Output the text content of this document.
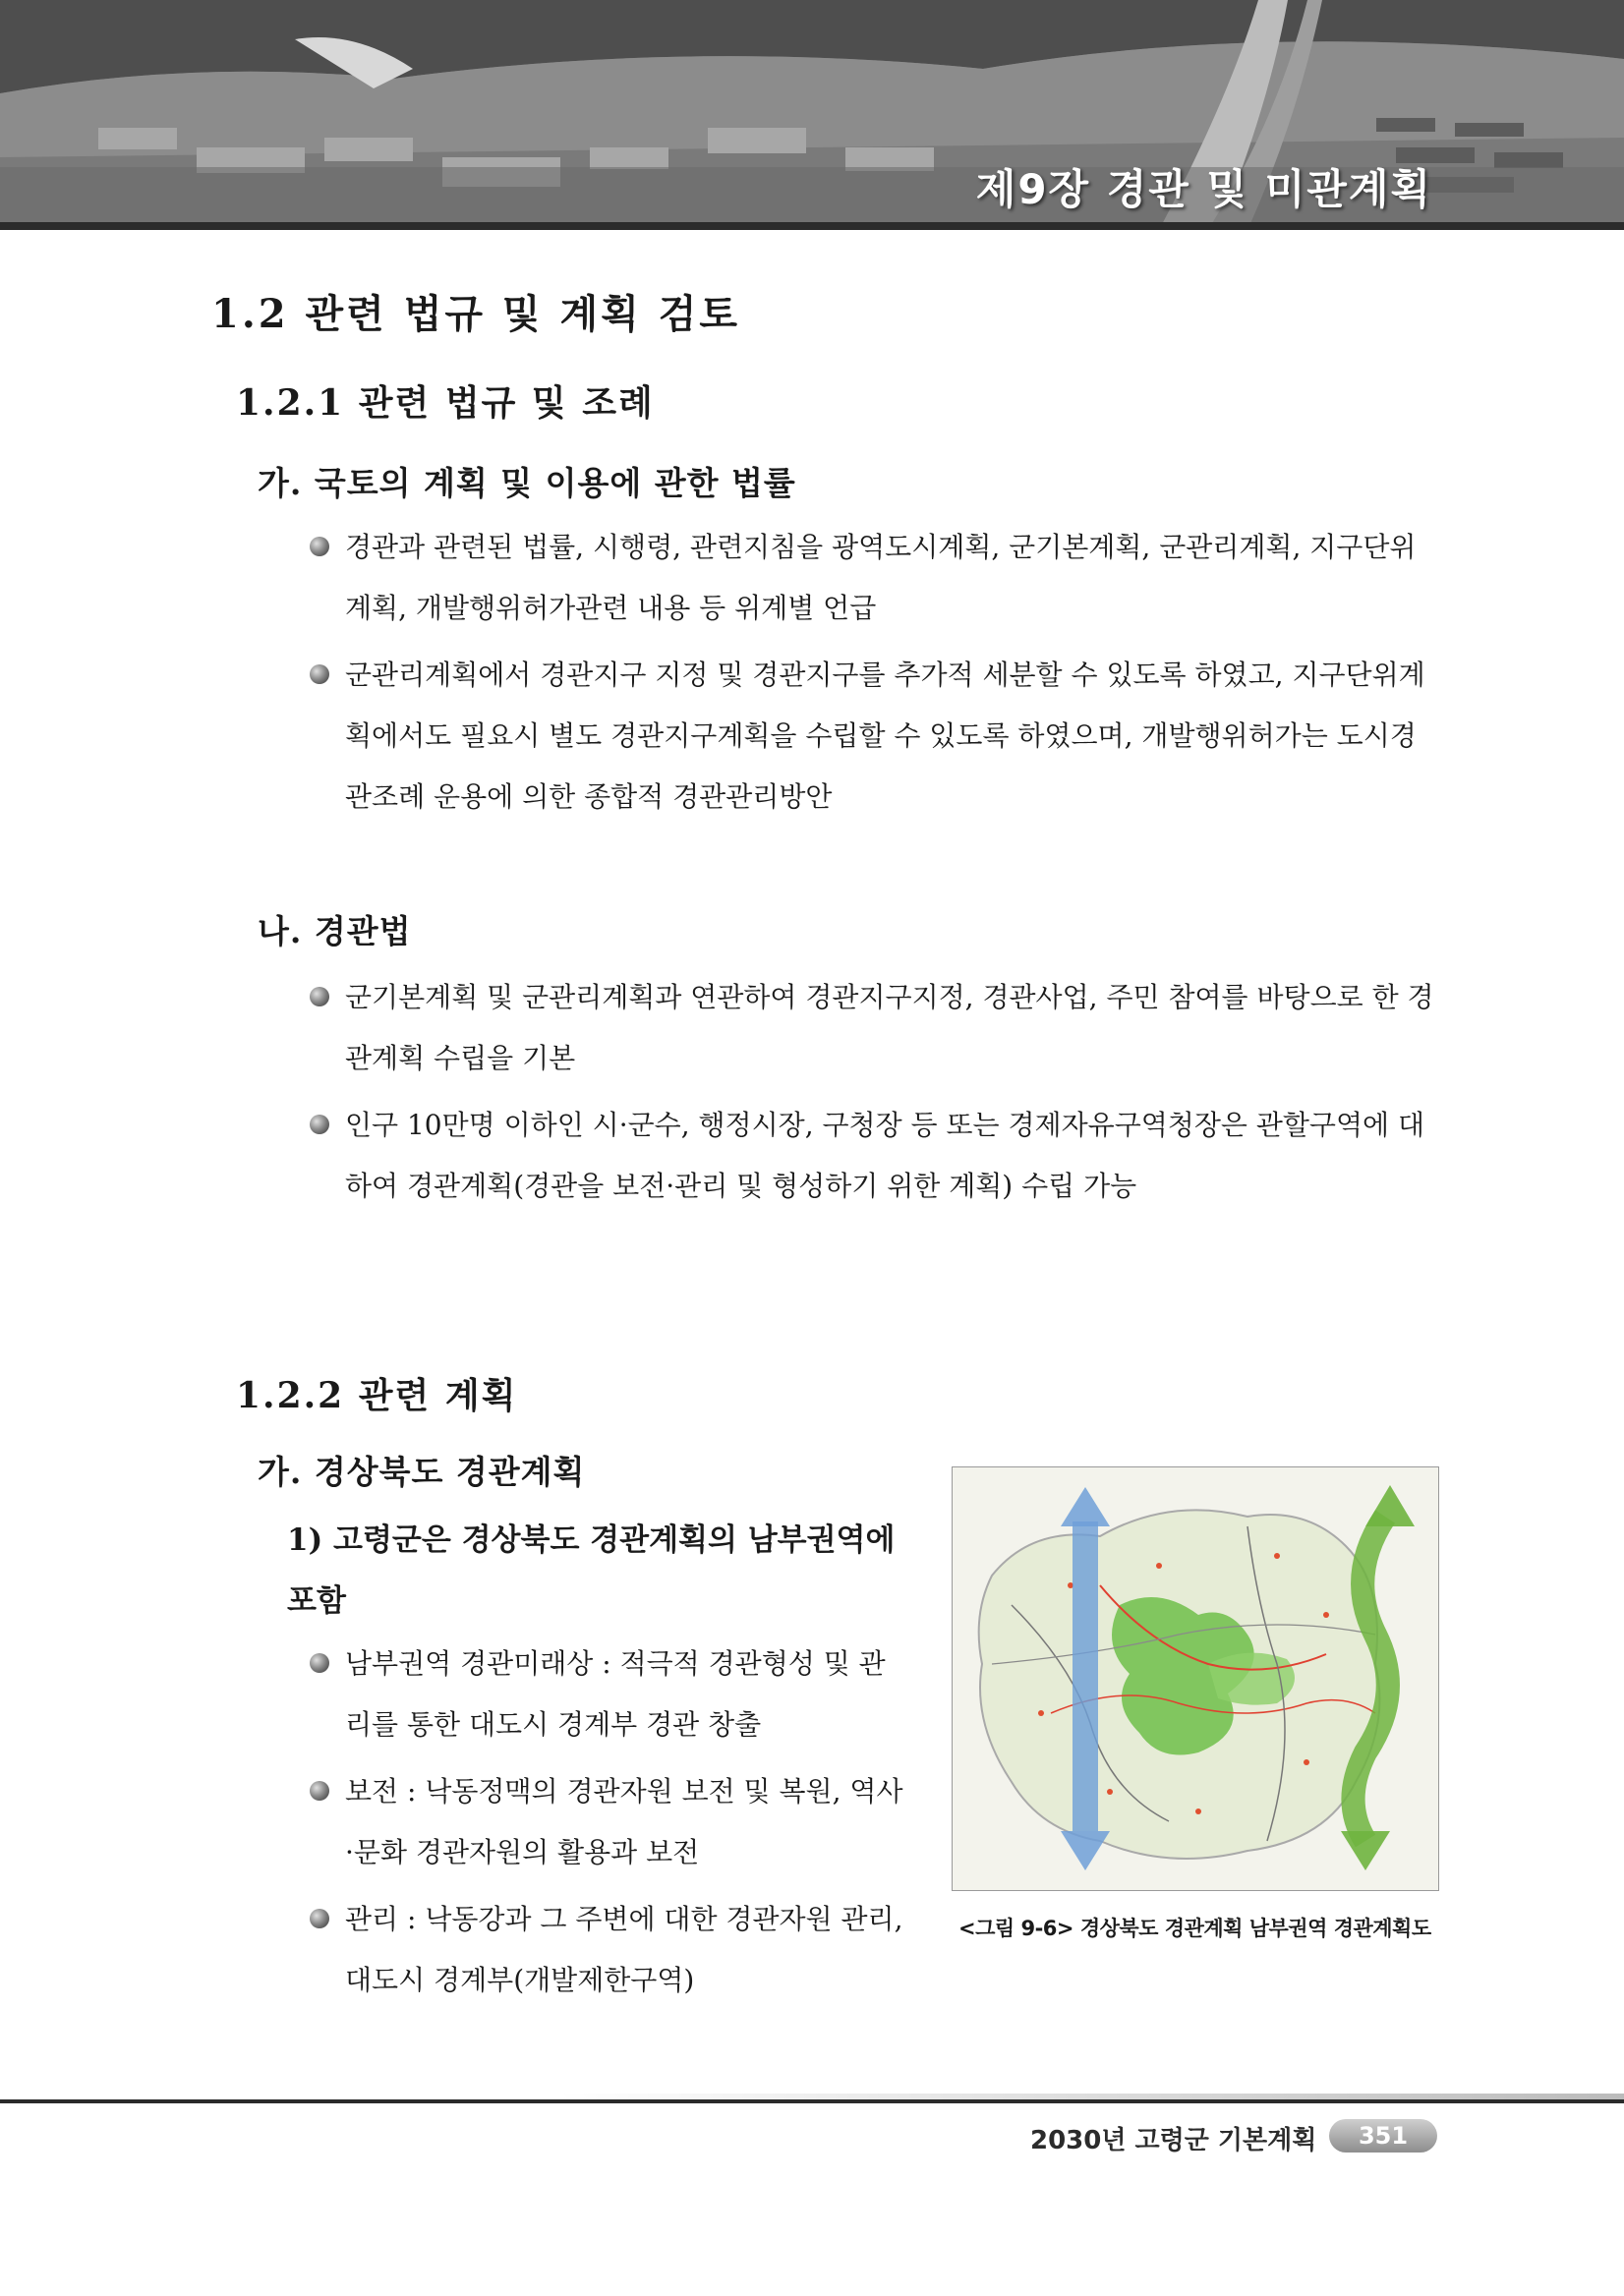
제9장 경관 및 미관계획
1.2 관련 법규 및 계획 검토
1.2.1 관련 법규 및 조례
가. 국토의 계획 및 이용에 관한 법률
경관과 관련된 법률, 시행령, 관련지침을 광역도시계획, 군기본계획, 군관리계획, 지구단위계획, 개발행위허가관련 내용 등 위계별 언급
군관리계획에서 경관지구 지정 및 경관지구를 추가적 세분할 수 있도록 하였고, 지구단위계획에서도 필요시 별도 경관지구계획을 수립할 수 있도록 하였으며, 개발행위허가는 도시경관조례 운용에 의한 종합적 경관관리방안
나. 경관법
군기본계획 및 군관리계획과 연관하여 경관지구지정, 경관사업, 주민 참여를 바탕으로 한 경관계획 수립을 기본
인구 10만명 이하인 시·군수, 행정시장, 구청장 등 또는 경제자유구역청장은 관할구역에 대하여 경관계획(경관을 보전·관리 및 형성하기 위한 계획) 수립 가능
1.2.2 관련 계획
가. 경상북도 경관계획
1) 고령군은 경상북도 경관계획의 남부권역에 포함
남부권역 경관미래상 : 적극적 경관형성 및 관리를 통한 대도시 경계부 경관 창출
보전 : 낙동정맥의 경관자원 보전 및 복원, 역사·문화 경관자원의 활용과 보전
관리 : 낙동강과 그 주변에 대한 경관자원 관리, 대도시 경계부(개발제한구역)
<그림 9-6> 경상북도 경관계획 남부권역 경관계획도
2030년 고령군 기본계획	351
